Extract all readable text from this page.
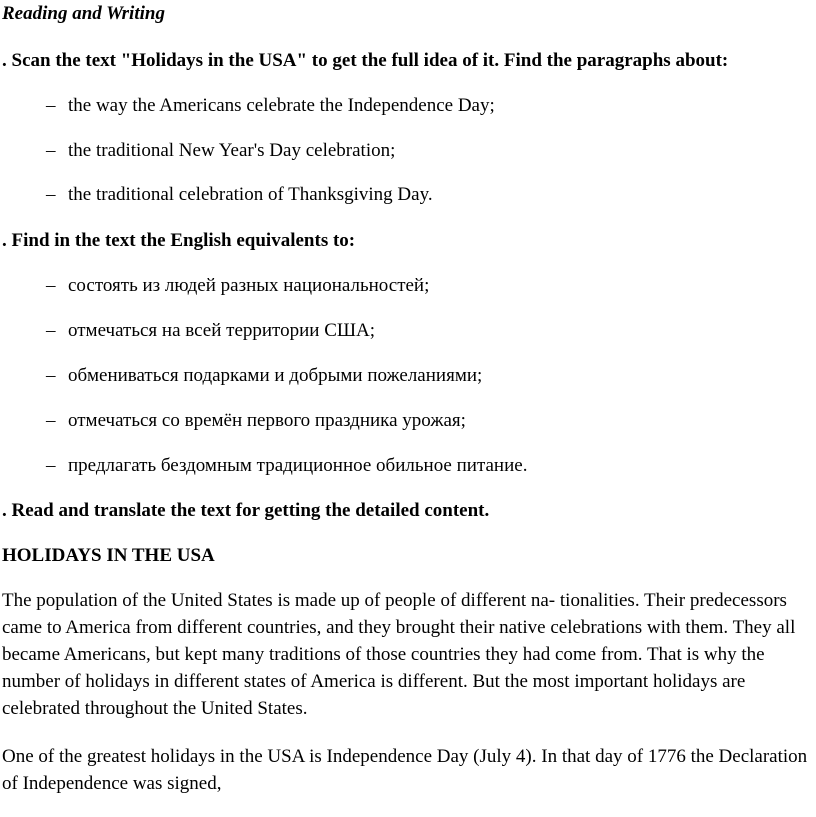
Reading and Writing

. Scan the text "Holidays in the USA" to get the full idea of it. Find the paragraphs about:

– the way the Americans celebrate the Independence Day;

– the traditional New Year's Day celebration;

– the traditional celebration of Thanksgiving Day.

. Find in the text the English equivalents to:

– состоять из людей разных национальностей;

– отмечаться на всей территории США;

– обмениваться подарками и добрыми пожеланиями;

– отмечаться со времён первого праздника урожая;

– предлагать бездомным традиционное обильное питание.

. Read and translate the text for getting the detailed content.

HOLIDAYS IN THE USA

The population of the United States is made up of people of different na- tionalities. Their predecessors came to America from different countries, and they brought their native celebrations with them. They all became Americans, but kept many traditions of those countries they had come from. That is why the number of holidays in different states of America is different. But the most important holidays are celebrated throughout the United States.

One of the greatest holidays in the USA is Independence Day (July 4). In that day of 1776 the Declaration of Independence was signed,
